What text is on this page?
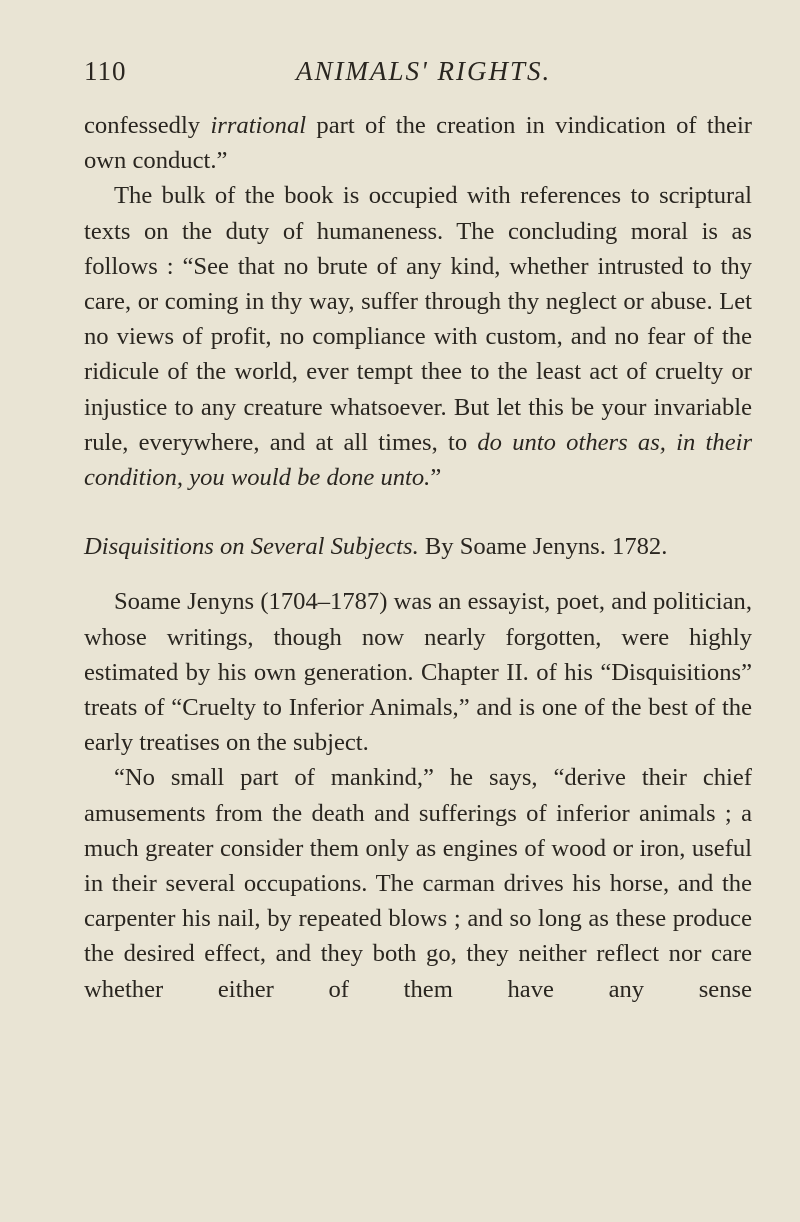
110	ANIMALS' RIGHTS.

confessedly irrational part of the creation in vindication of their own conduct.”

The bulk of the book is occupied with references to scriptural texts on the duty of humaneness. The concluding moral is as follows : “See that no brute of any kind, whether intrusted to thy care, or coming in thy way, suffer through thy neglect or abuse. Let no views of profit, no compliance with custom, and no fear of the ridicule of the world, ever tempt thee to the least act of cruelty or injustice to any creature whatsoever. But let this be your invariable rule, everywhere, and at all times, to do unto others as, in their condition, you would be done unto.”

Disquisitions on Several Subjects. By Soame Jenyns. 1782.

Soame Jenyns (1704–1787) was an essayist, poet, and politician, whose writings, though now nearly forgotten, were highly estimated by his own generation. Chapter II. of his “Disquisitions” treats of “Cruelty to Inferior Animals,” and is one of the best of the early treatises on the subject.

“No small part of mankind,” he says, “derive their chief amusements from the death and sufferings of inferior animals ; a much greater consider them only as engines of wood or iron, useful in their several occupations. The carman drives his horse, and the carpenter his nail, by repeated blows ; and so long as these produce the desired effect, and they both go, they neither reflect nor care whether either of them have any sense
